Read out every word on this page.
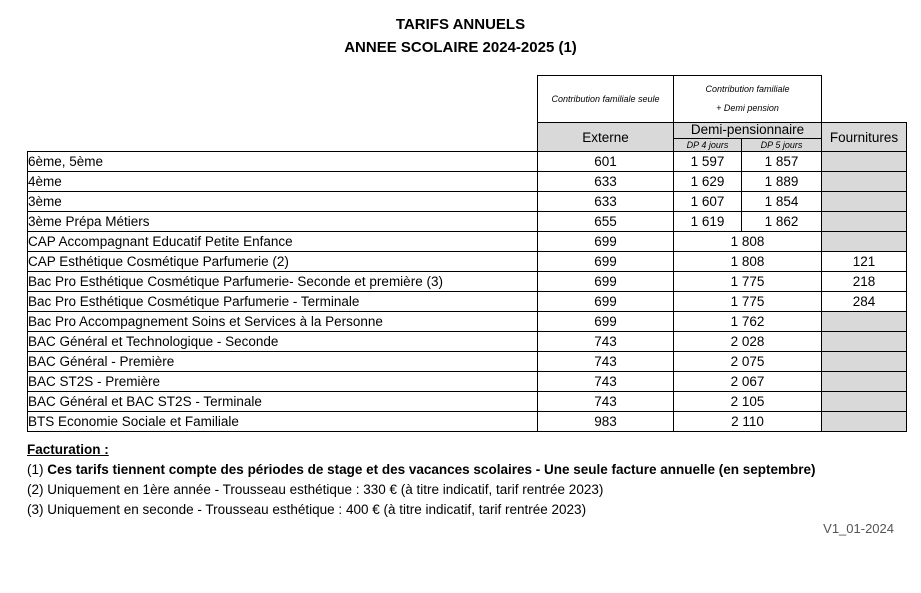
TARIFS ANNUELS
ANNEE SCOLAIRE 2024-2025 (1)
	Contribution familiale seule	Contribution familiale
+ Demi pension		

	Externe	Demi-pensionnaire		Fournitures
		DP 4 jours	DP 5 jours	
6ème, 5ème	601	1 597	1 857	
4ème	633	1 629	1 889	
3ème	633	1 607	1 854	
3ème Prépa Métiers	655	1 619	1 862	
CAP Accompagnant Educatif Petite Enfance	699	1 808		
CAP Esthétique Cosmétique Parfumerie (2)	699	1 808		121
Bac Pro Esthétique Cosmétique Parfumerie- Seconde et première (3)	699	1 775		218
Bac Pro Esthétique Cosmétique Parfumerie - Terminale	699	1 775		284
Bac Pro Accompagnement Soins et Services à la Personne	699	1 762		
BAC Général et Technologique - Seconde	743	2 028		
BAC Général - Première	743	2 075		
BAC ST2S - Première	743	2 067		
BAC Général et BAC ST2S - Terminale	743	2 105		
BTS Economie Sociale et Familiale	983	2 110		
Facturation :
(1) Ces tarifs tiennent compte des périodes de stage et des vacances scolaires - Une seule facture annuelle (en septembre)
(2) Uniquement en 1ère année - Trousseau esthétique : 330 € (à titre indicatif, tarif rentrée 2023)
(3) Uniquement en seconde - Trousseau esthétique : 400 € (à titre indicatif, tarif rentrée 2023)
V1_01-2024
